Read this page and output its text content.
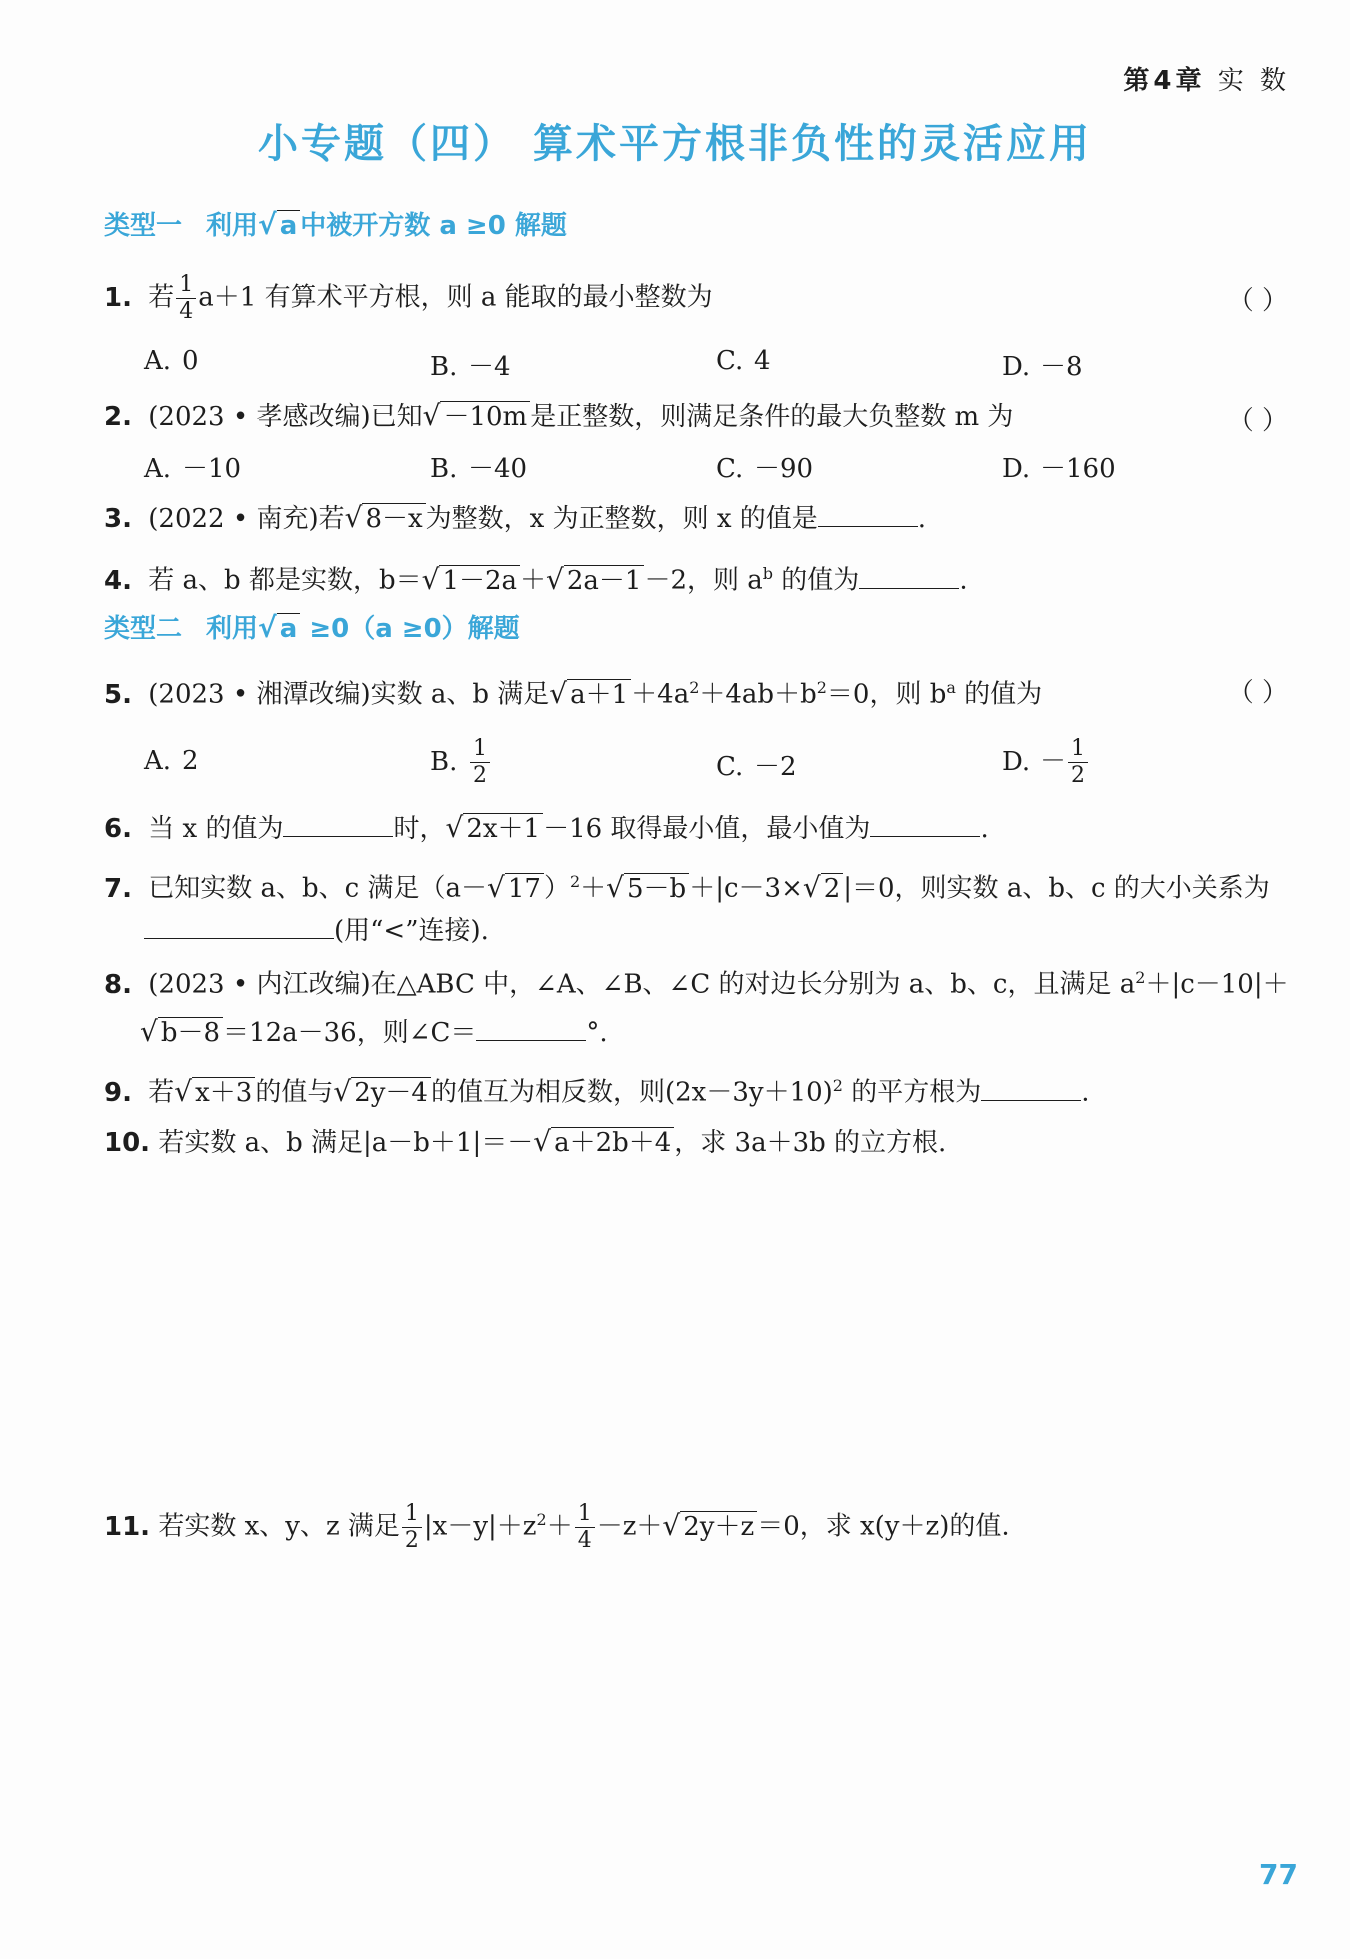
第4章 实 数
小专题（四） 算术平方根非负性的灵活应用
类型一 利用√ a 中被开方数 a ≥0 解题
1. 若 $\frac{1}{4} a+1$ 有算术平方根，则 a 能取的最小整数为	（ ）
A. 0	B. －4	C. 4	D. －8
2. (2023 • 孝感改编)已知√ －10m 是正整数，则满足条件的最大负整数 m 为	（ ）
A. －10	B. －40	C. －90	D. －160
3. (2022 • 南充)若√ 8－x 为整数，x 为正整数，则 x 的值是	.
4. 若 a、b 都是实数，b＝√ 1－2a ＋√ 2a－1 －2，则 $a^b$ 的值为	.
类型二 利用√ a ≥0（a ≥0）解题
5. (2023 • 湘潭改编)实数 a、b 满足√ $a+1 +4a^2+4ab+b^2=0$，则 $b^a$ 的值为	（ ）
A. 2	B. $\frac{1}{2}$	C. －2	D. － $\frac{1}{2}$
6. 当 x 的值为	时，√ 2x＋1 －16 取得最小值，最小值为	.
7. 已知实数 a、b、c 满足（a－√ 17 ）$^2$＋√ 5－b ＋|c－3×√ 2 |＝0，则实数 a、b、c 的大小关系为
(用“<”连接).
8. (2023 • 内江改编)在△ABC 中，∠A、∠B、∠C 的对边长分别为 a、b、c，且满足 $a^2+|c-10|+$
√ b－8 ＝12a－36，则∠C＝	°.
9. 若√ x＋3 的值与√ 2y－4 的值互为相反数，则$(2x-3y+10)^2$ 的平方根为	.
10. 若实数 a、b 满足|a－b＋1|＝－√ a＋2b＋4 ，求 3a＋3b 的立方根.
11. 若实数 x、y、z 满足 $\frac{1}{2} |x-y|+z^2+ \frac{1}{4} -z+√$ 2y＋z ＝0，求 x(y＋z)的值.
77
